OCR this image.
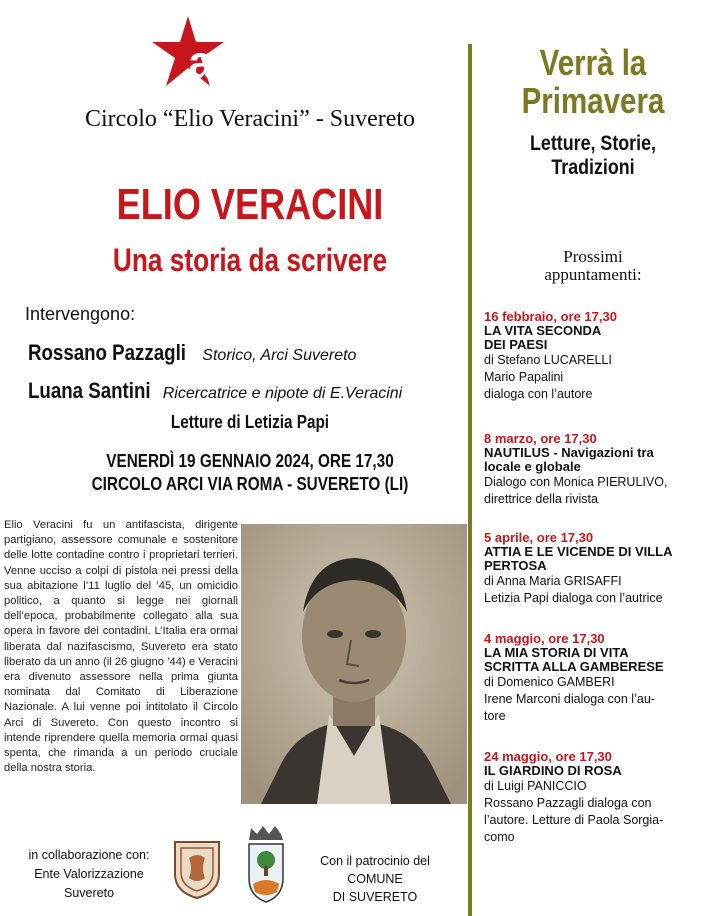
arci
Circolo “Elio Veracini” - Suvereto
ELIO VERACINI
Una storia da scrivere
Intervengono:
Rossano Pazzagli Storico, Arci Suvereto
Luana Santini Ricercatrice e nipote di E.Veracini
Letture di Letizia Papi
VENERDÌ 19 GENNAIO 2024, ORE 17,30
CIRCOLO ARCI VIA ROMA - SUVERETO (LI)
Elio Veracini fu un antifascista, dirigente partigiano, assessore comunale e sostenitore delle lotte contadine contro i proprietari terrieri. Venne ucciso a colpi di pistola nei pressi della sua abitazione l’11 luglio del ’45, un omicidio politico, a quanto si legge nei giornali dell’epoca, probabilmente collegato alla sua opera in favore dei contadini. L’Italia era ormai liberata dal nazifascismo, Suvereto era stato liberato da un anno (il 26 giugno ’44) e Veracini era divenuto assessore nella prima giunta nominata dal Comitato di Liberazione Nazionale. A lui venne poi intitolato il Circolo Arci di Suvereto. Con questo incontro si intende riprendere quella memoria ormai quasi spenta, che rimanda a un periodo cruciale della nostra storia.
in collaborazione con:
Ente Valorizzazione
Suvereto
Con il patrocinio del COMUNE
DI SUVERETO
Verrà la
Primavera
Letture, Storie,
Tradizioni
Prossimi
appuntamenti:
16 febbraio, ore 17,30
LA VITA SECONDA
DEI PAESI
di Stefano LUCARELLI
Mario Papalini
dialoga con l’autore
8 marzo, ore 17,30
NAUTILUS - Navigazioni tra
locale e globale
Dialogo con Monica PIERULIVO,
direttrice della rivista
5 aprile, ore 17,30
ATTIA E LE VICENDE DI VILLA
PERTOSA
di Anna Maria GRISAFFI
Letizia Papi dialoga con l’autrice
4 maggio, ore 17,30
LA MIA STORIA DI VITA
SCRITTA ALLA GAMBERESE
di Domenico GAMBERI
Irene Marconi dialoga con l’au-
tore
24 maggio, ore 17,30
IL GIARDINO DI ROSA
di Luigi PANICCIO
Rossano Pazzagli dialoga con
l’autore. Letture di Paola Sorgia-
como
